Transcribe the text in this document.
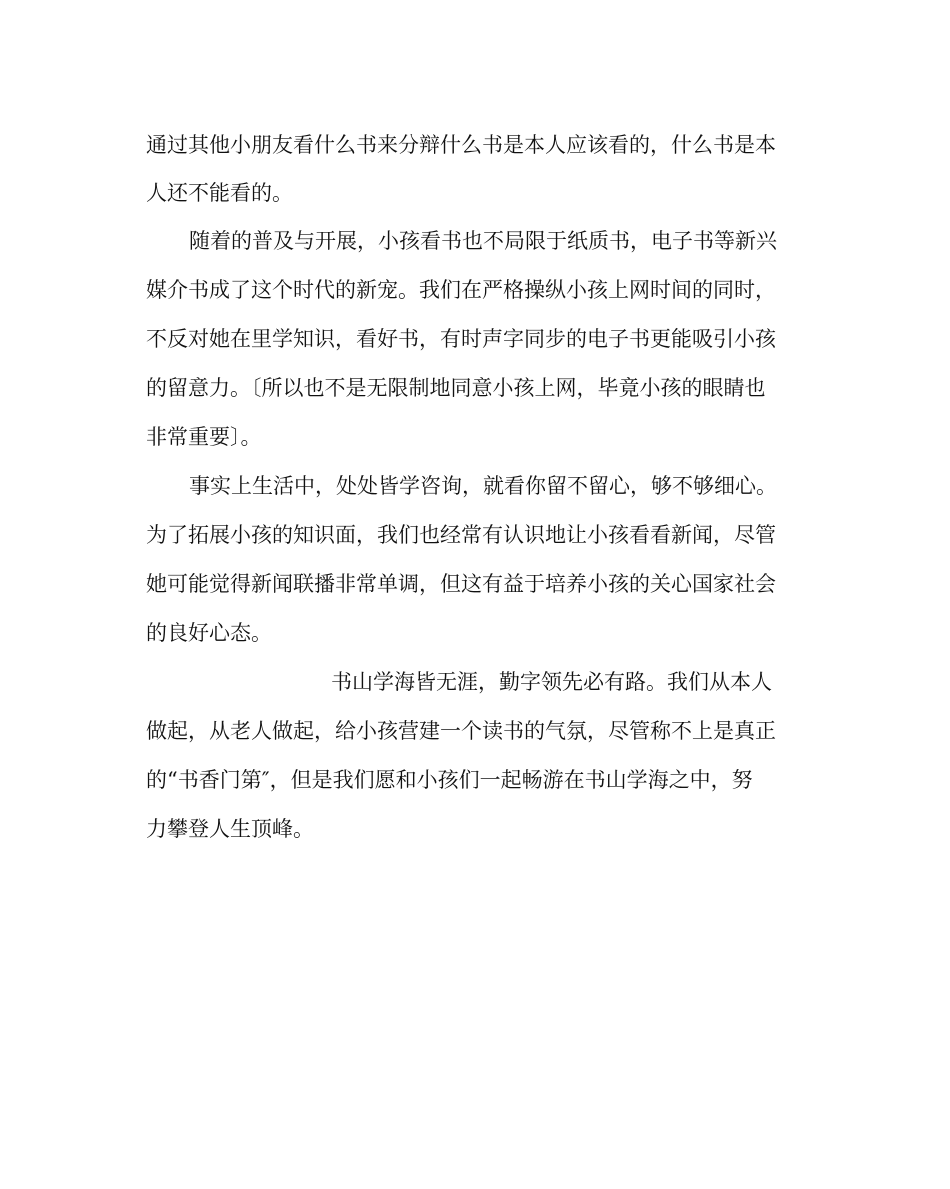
通过其他小朋友看什么书来分辩什么书是本人应该看的，什么书是本

人还不能看的。

随着的普及与开展，小孩看书也不局限于纸质书，电子书等新兴

媒介书成了这个时代的新宠。我们在严格操纵小孩上网时间的同时，

不反对她在里学知识，看好书，有时声字同步的电子书更能吸引小孩

的留意力。〔所以也不是无限制地同意小孩上网，毕竟小孩的眼睛也

非常重要〕。

事实上生活中，处处皆学咨询，就看你留不留心，够不够细心。

为了拓展小孩的知识面，我们也经常有认识地让小孩看看新闻，尽管

她可能觉得新闻联播非常单调，但这有益于培养小孩的关心国家社会

的良好心态。

书山学海皆无涯，勤字领先必有路。我们从本人

做起，从老人做起，给小孩营建一个读书的气氛，尽管称不上是真正

的“书香门第″，但是我们愿和小孩们一起畅游在书山学海之中，努

力攀登人生顶峰。
